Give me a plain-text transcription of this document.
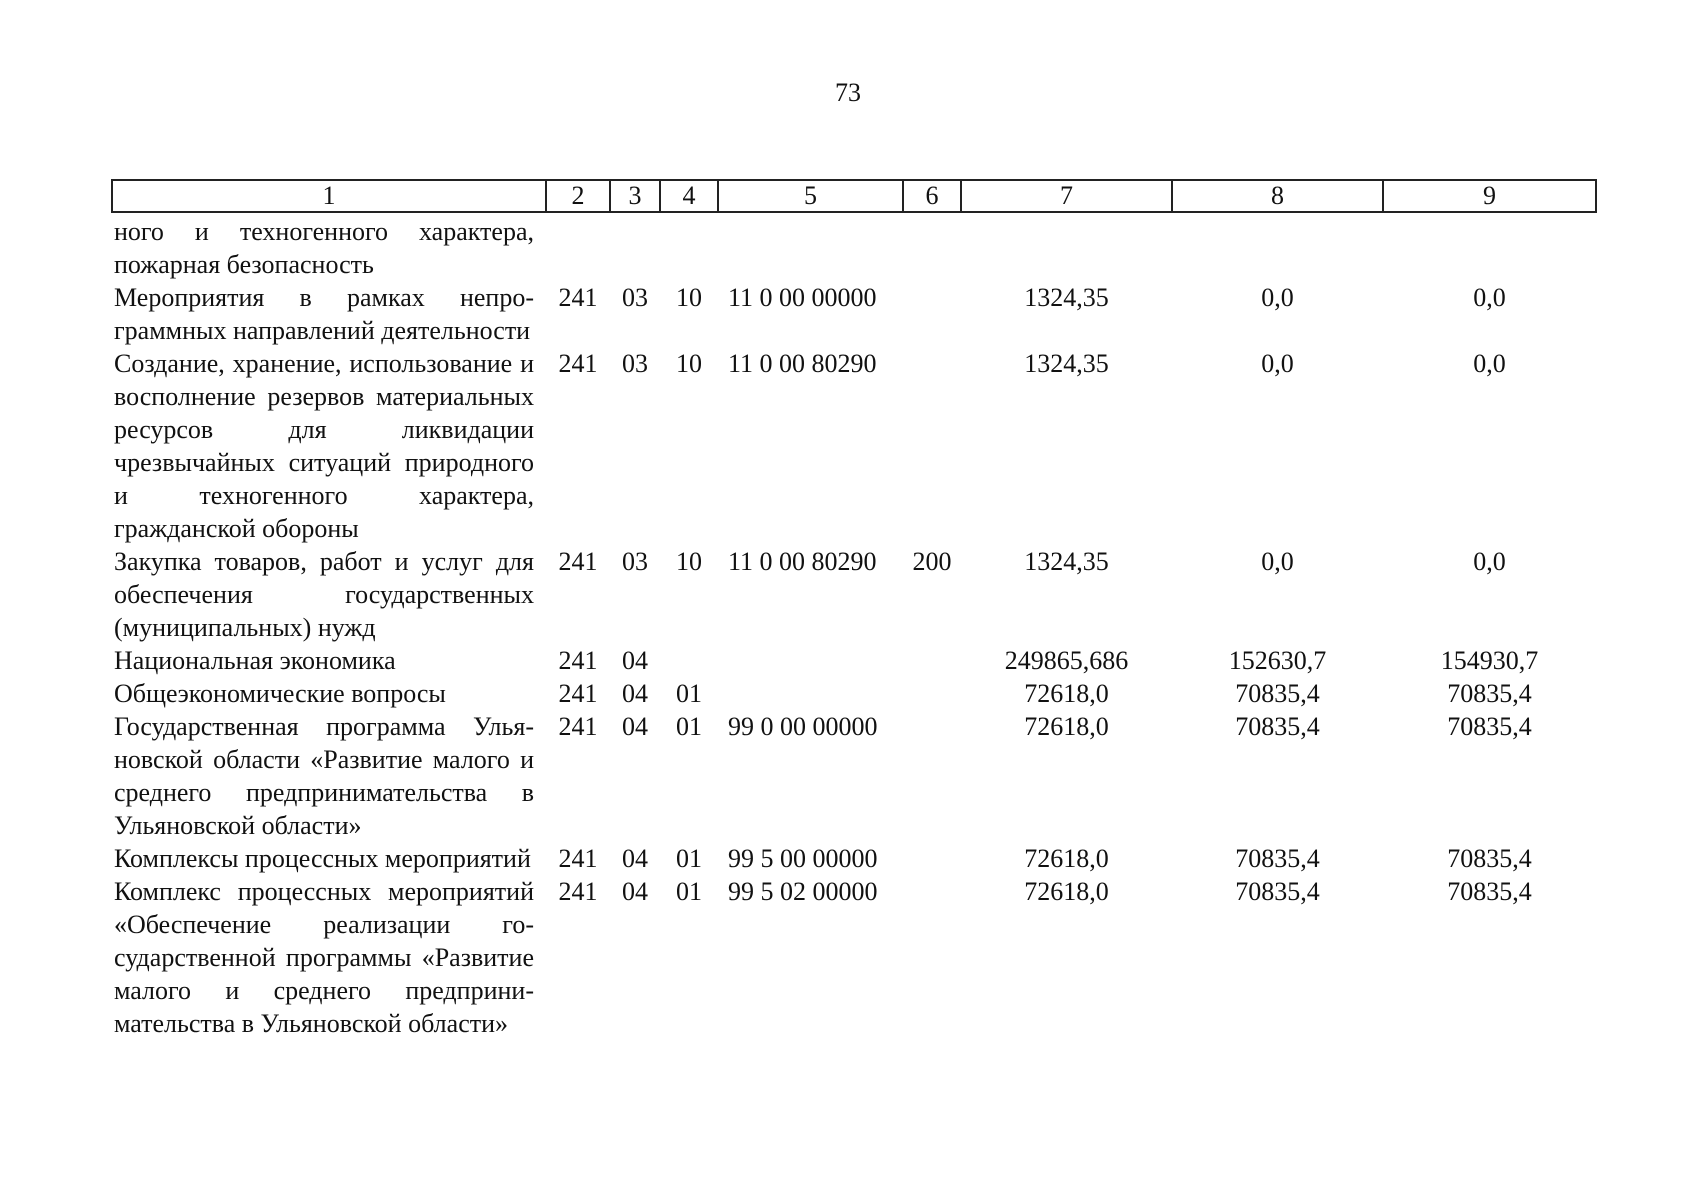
73
1	2	3	4	5	6	7	8	9
ного и техногенного характера, пожарная безопасность								
Мероприятия в рамках непрограммных направлений деятельности	241	03	10	11 0 00 00000		1324,35	0,0	0,0
Создание, хранение, использование и восполнение резервов материальных ресурсов для ликвидации чрезвычайных ситуаций природного и техногенного характера, гражданской обороны	241	03	10	11 0 00 80290		1324,35	0,0	0,0
Закупка товаров, работ и услуг для обеспечения государственных (муниципальных) нужд	241	03	10	11 0 00 80290	200	1324,35	0,0	0,0
Национальная экономика	241	04				249865,686	152630,7	154930,7
Общеэкономические вопросы	241	04	01			72618,0	70835,4	70835,4
Государственная программа Ульяновской области «Развитие малого и среднего предпринимательства в Ульяновской области»	241	04	01	99 0 00 00000		72618,0	70835,4	70835,4
Комплексы процессных мероприятий	241	04	01	99 5 00 00000		72618,0	70835,4	70835,4
Комплекс процессных мероприятий «Обеспечение реализации государственной программы «Развитие малого и среднего предпринимательства в Ульяновской области»	241	04	01	99 5 02 00000		72618,0	70835,4	70835,4
